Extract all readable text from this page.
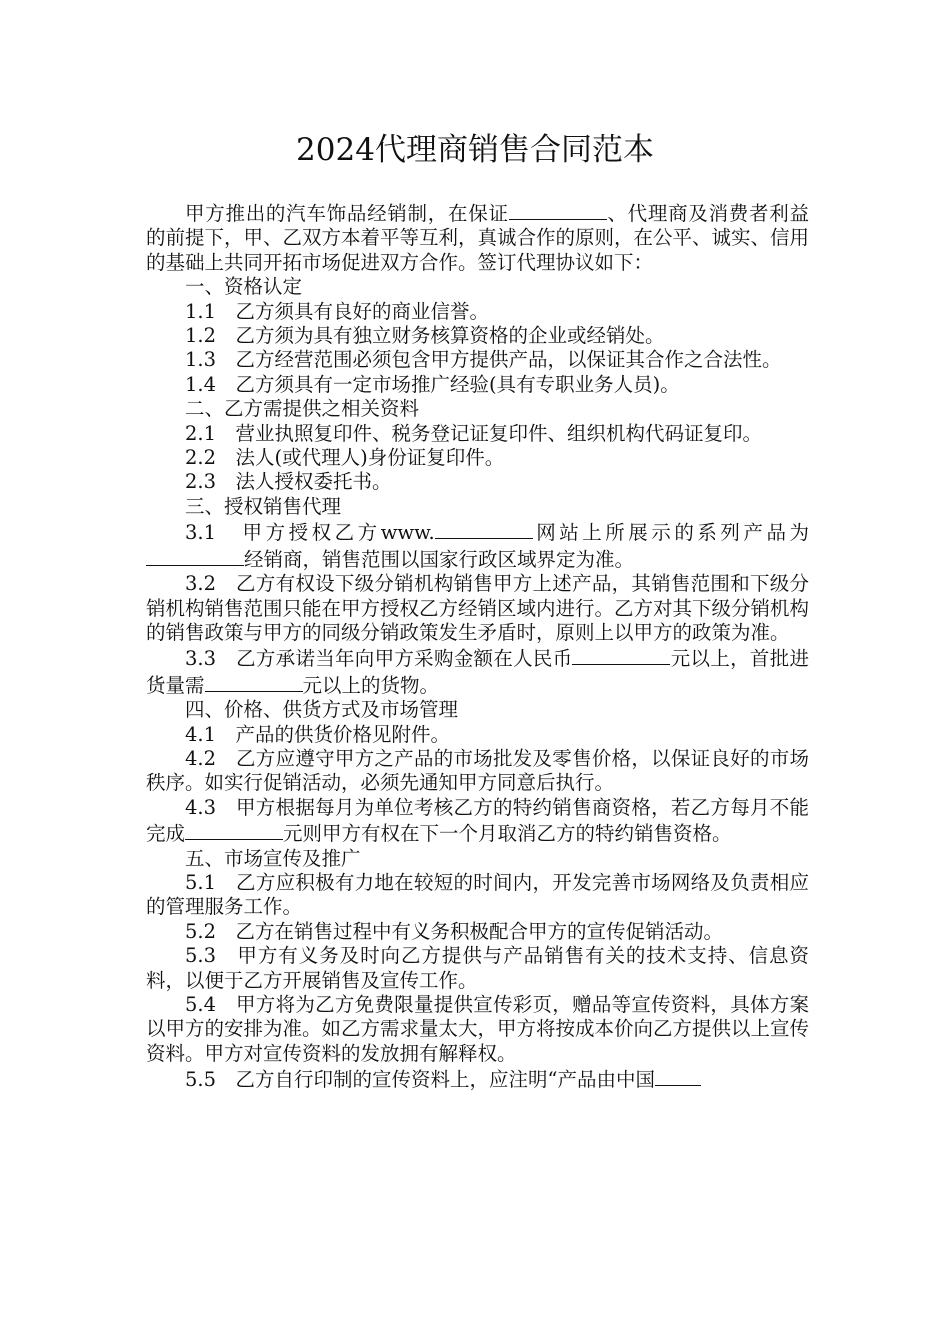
2024代理商销售合同范本

甲方推出的汽车饰品经销制，在保证	、代理商及消费者利益的前提下，甲、乙双方本着平等互利，真诚合作的原则，在公平、诚实、信用的基础上共同开拓市场促进双方合作。签订代理协议如下：

一、资格认定

1.1　乙方须具有良好的商业信誉。

1.2　乙方须为具有独立财务核算资格的企业或经销处。

1.3　乙方经营范围必须包含甲方提供产品，以保证其合作之合法性。

1.4　乙方须具有一定市场推广经验(具有专职业务人员)。

二、乙方需提供之相关资料

2.1　营业执照复印件、税务登记证复印件、组织机构代码证复印。

2.2　法人(或代理人)身份证复印件。

2.3　法人授权委托书。

三、授权销售代理

3.1　甲方授权乙方www.	网站上所展示的系列产品为经销商，销售范围以国家行政区域界定为准。

3.2　乙方有权设下级分销机构销售甲方上述产品，其销售范围和下级分销机构销售范围只能在甲方授权乙方经销区域内进行。乙方对其下级分销机构的销售政策与甲方的同级分销政策发生矛盾时，原则上以甲方的政策为准。

3.3　乙方承诺当年向甲方采购金额在人民币	元以上，首批进货量需	元以上的货物。

四、价格、供货方式及市场管理

4.1　产品的供货价格见附件。

4.2　乙方应遵守甲方之产品的市场批发及零售价格，以保证良好的市场秩序。如实行促销活动，必须先通知甲方同意后执行。

4.3　甲方根据每月为单位考核乙方的特约销售商资格，若乙方每月不能完成	元则甲方有权在下一个月取消乙方的特约销售资格。

五、市场宣传及推广

5.1　乙方应积极有力地在较短的时间内，开发完善市场网络及负责相应的管理服务工作。

5.2　乙方在销售过程中有义务积极配合甲方的宣传促销活动。

5.3　甲方有义务及时向乙方提供与产品销售有关的技术支持、信息资料，以便于乙方开展销售及宣传工作。

5.4　甲方将为乙方免费限量提供宣传彩页，赠品等宣传资料，具体方案以甲方的安排为准。如乙方需求量太大，甲方将按成本价向乙方提供以上宣传资料。甲方对宣传资料的发放拥有解释权。

5.5　乙方自行印制的宣传资料上，应注明“产品由中国
